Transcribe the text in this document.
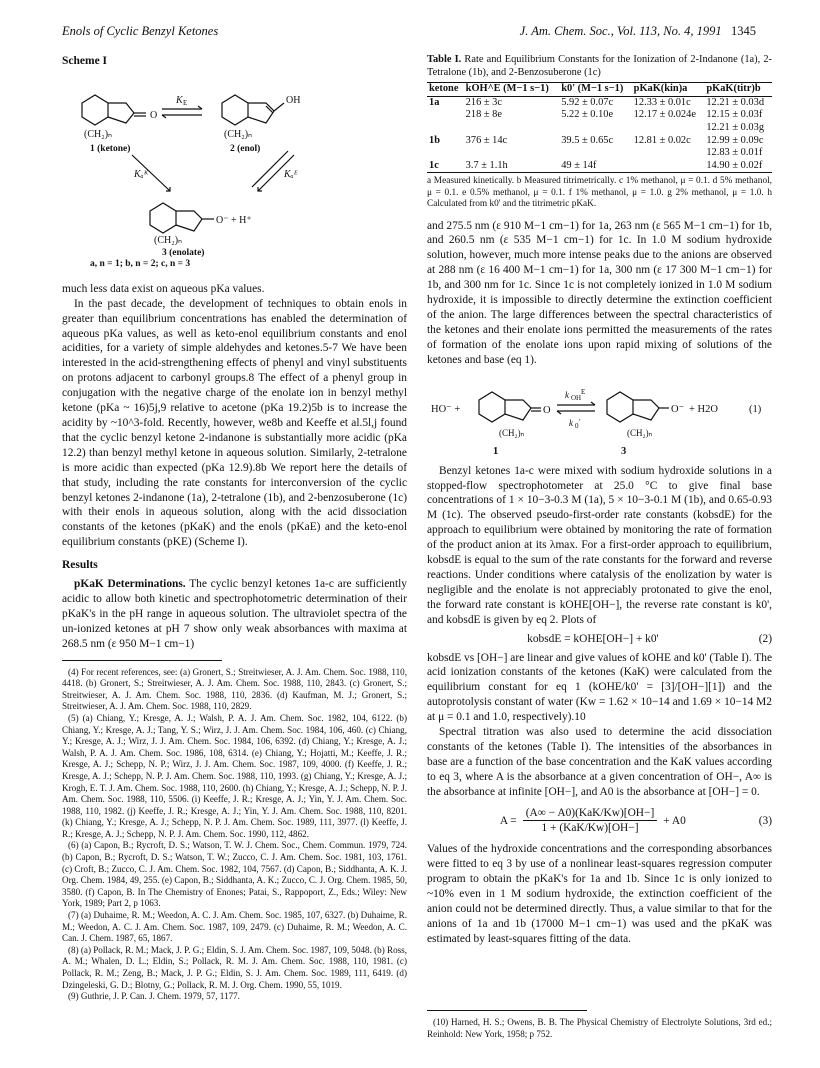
Enols of Cyclic Benzyl Ketones	J. Am. Chem. Soc., Vol. 113, No. 4, 1991 1345
Scheme I
O
OH
O⁻ + H⁺
K E
(CH₂)ₙ	(CH₂)ₙ
(CH₂)ₙ
Kₐᴷ	Kₐᴱ
1 (ketone)	2 (enol)
3 (enolate)
a, n = 1; b, n = 2; c, n = 3

much less data exist on aqueous pKa values.

In the past decade, the development of techniques to obtain enols in greater than equilibrium concentrations has enabled the determination of aqueous pKa values, as well as keto-enol equilibrium constants and enol acidities, for a variety of simple aldehydes and ketones.5-7 We have been interested in the acid-strengthening effects of phenyl and vinyl substituents on protons adjacent to carbonyl groups.8 The effect of a phenyl group in conjugation with the negative charge of the enolate ion in benzyl methyl ketone (pKa ~ 16)5j,9 relative to acetone (pKa 19.2)5b is to increase the acidity by ~10^3-fold. Recently, however, we8b and Keeffe et al.5l,j found that the cyclic benzyl ketone 2-indanone is substantially more acidic (pKa 12.2) than benzyl methyl ketone in aqueous solution. Similarly, 2-tetralone is more acidic than expected (pKa 12.9).8b We report here the details of that study, including the rate constants for interconversion of the cyclic benzyl ketones 2-indanone (1a), 2-tetralone (1b), and 2-benzosuberone (1c) with their enols in aqueous solution, along with the acid dissociation constants of the ketones (pKaK) and the enols (pKaE) and the keto-enol equilibrium constants (pKE) (Scheme I).

Results

pKaK Determinations. The cyclic benzyl ketones 1a-c are sufficiently acidic to allow both kinetic and spectrophotometric determination of their pKaK's in the pH range in aqueous solution. The ultraviolet spectra of the un-ionized ketones at pH 7 show only weak absorbances with maxima at 268.5 nm (ε 950 M−1 cm−1)

(4) For recent references, see: (a) Gronert, S.; Streitwieser, A. J. Am. Chem. Soc. 1988, 110, 4418. (b) Gronert, S.; Streitwieser, A. J. Am. Chem. Soc. 1988, 110, 2843. (c) Gronert, S.; Streitwieser, A. J. Am. Chem. Soc. 1988, 110, 2836. (d) Kaufman, M. J.; Gronert, S.; Streitwieser, A. J. Am. Chem. Soc. 1988, 110, 2829.

(5) (a) Chiang, Y.; Kresge, A. J.; Walsh, P. A. J. Am. Chem. Soc. 1982, 104, 6122. (b) Chiang, Y.; Kresge, A. J.; Tang, Y. S.; Wirz, J. J. Am. Chem. Soc. 1984, 106, 460. (c) Chiang, Y.; Kresge, A. J.; Wirz, J. J. Am. Chem. Soc. 1984, 106, 6392. (d) Chiang, Y.; Kresge, A. J.; Walsh, P. A. J. Am. Chem. Soc. 1986, 108, 6314. (e) Chiang, Y.; Hojatti, M.; Keeffe, J. R.; Kresge, A. J.; Schepp, N. P.; Wirz, J. J. Am. Chem. Soc. 1987, 109, 4000. (f) Keeffe, J. R.; Kresge, A. J.; Schepp, N. P. J. Am. Chem. Soc. 1988, 110, 1993. (g) Chiang, Y.; Kresge, A. J.; Krogh, E. T. J. Am. Chem. Soc. 1988, 110, 2600. (h) Chiang, Y.; Kresge, A. J.; Schepp, N. P. J. Am. Chem. Soc. 1988, 110, 5506. (i) Keeffe, J. R.; Kresge, A. J.; Yin, Y. J. Am. Chem. Soc. 1988, 110, 1982. (j) Keeffe, J. R.; Kresge, A. J.; Yin, Y. J. Am. Chem. Soc. 1988, 110, 8201. (k) Chiang, Y.; Kresge, A. J.; Schepp, N. P. J. Am. Chem. Soc. 1989, 111, 3977. (l) Keeffe, J. R.; Kresge, A. J.; Schepp, N. P. J. Am. Chem. Soc. 1990, 112, 4862.

(6) (a) Capon, B.; Rycroft, D. S.; Watson, T. W. J. Chem. Soc., Chem. Commun. 1979, 724. (b) Capon, B.; Rycroft, D. S.; Watson, T. W.; Zucco, C. J. Am. Chem. Soc. 1981, 103, 1761. (c) Croft, B.; Zucco, C. J. Am. Chem. Soc. 1982, 104, 7567. (d) Capon, B.; Siddhanta, A. K. J. Org. Chem. 1984, 49, 255. (e) Capon, B.; Siddhanta, A. K.; Zucco, C. J. Org. Chem. 1985, 50, 3580. (f) Capon, B. In The Chemistry of Enones; Patai, S., Rappoport, Z., Eds.; Wiley: New York, 1989; Part 2, p 1063.

(7) (a) Duhaime, R. M.; Weedon, A. C. J. Am. Chem. Soc. 1985, 107, 6327. (b) Duhaime, R. M.; Weedon, A. C. J. Am. Chem. Soc. 1987, 109, 2479. (c) Duhaime, R. M.; Weedon, A. C. Can. J. Chem. 1987, 65, 1867.

(8) (a) Pollack, R. M.; Mack, J. P. G.; Eldin, S. J. Am. Chem. Soc. 1987, 109, 5048. (b) Ross, A. M.; Whalen, D. L.; Eldin, S.; Pollack, R. M. J. Am. Chem. Soc. 1988, 110, 1981. (c) Pollack, R. M.; Zeng, B.; Mack, J. P. G.; Eldin, S. J. Am. Chem. Soc. 1989, 111, 6419. (d) Dzingeleski, G. D.; Blotny, G.; Pollack, R. M. J. Org. Chem. 1990, 55, 1019.

(9) Guthrie, J. P. Can. J. Chem. 1979, 57, 1177.

Table I. Rate and Equilibrium Constants for the Ionization of 2-Indanone (1a), 2-Tetralone (1b), and 2-Benzosuberone (1c)
ketone	kOH^E (M−1 s−1)	k0' (M−1 s−1)	pKaK(kin)a	pKaK(titr)b
1a	216 ± 3c	5.92 ± 0.07c	12.33 ± 0.01c	12.21 ± 0.03d
	218 ± 8e	5.22 ± 0.10e	12.17 ± 0.024e	12.15 ± 0.03f
				12.21 ± 0.03g
1b	376 ± 14c	39.5 ± 0.65c	12.81 ± 0.02c	12.99 ± 0.09c
				12.83 ± 0.01f
1c	3.7 ± 1.1h	49 ± 14f		14.90 ± 0.02f
a Measured kinetically. b Measured titrimetrically. c 1% methanol, μ = 0.1. d 5% methanol, μ = 0.1. e 0.5% methanol, μ = 0.1. f 1% methanol, μ = 1.0. g 2% methanol, μ = 1.0. h Calculated from k0' and the titrimetric pKaK.

and 275.5 nm (ε 910 M−1 cm−1) for 1a, 263 nm (ε 565 M−1 cm−1) for 1b, and 260.5 nm (ε 535 M−1 cm−1) for 1c. In 1.0 M sodium hydroxide solution, however, much more intense peaks due to the anions are observed at 288 nm (ε 16 400 M−1 cm−1) for 1a, 300 nm (ε 17 300 M−1 cm−1) for 1b, and 300 nm for 1c. Since 1c is not completely ionized in 1.0 M sodium hydroxide, it is impossible to directly determine the extinction coefficient of the anion. The large differences between the spectral characteristics of the ketones and their enolate ions permitted the measurements of the rates of formation of the enolate ions upon rapid mixing of solutions of the ketones and base (eq 1).

HO⁻ +	O	O⁻ + H2O	(1)
k OH
E
k 0 '
(CH₂)ₙ	(CH₂)ₙ
1	3

Benzyl ketones 1a-c were mixed with sodium hydroxide solutions in a stopped-flow spectrophotometer at 25.0 °C to give final base concentrations of 1 × 10−3-0.3 M (1a), 5 × 10−3-0.1 M (1b), and 0.65-0.93 M (1c). The observed pseudo-first-order rate constants (kobsdE) for the approach to equilibrium were obtained by monitoring the rate of formation of the product anion at its λmax. For a first-order approach to equilibrium, kobsdE is equal to the sum of the rate constants for the forward and reverse reactions. Under conditions where catalysis of the enolization by water is negligible and the enolate is not appreciably protonated to give the enol, the forward rate constant is kOHE[OH−], the reverse rate constant is k0', and kobsdE is given by eq 2. Plots of

kobsdE = kOHE[OH−] + k0'	(2)

kobsdE vs [OH−] are linear and give values of kOHE and k0' (Table I). The acid ionization constants of the ketones (KaK) were calculated from the equilibrium constant for eq 1 (kOHE/k0' = [3]/[OH−][1]) and the autoprotolysis constant of water (Kw = 1.62 × 10−14 and 1.69 × 10−14 M2 at μ = 0.1 and 1.0, respectively).10

Spectral titration was also used to determine the acid dissociation constants of the ketones (Table I). The intensities of the absorbances in base are a function of the base concentration and the KaK values according to eq 3, where A is the absorbance at a given concentration of OH−, A∞ is the absorbance at infinite [OH−], and A0 is the absorbance at [OH−] = 0.

$A = \frac{\text{(A∞ − A0)(KaK/Kw)[OH−]}}{\text{1 + (KaK/Kw)[OH−]}} + A0$	(3)

Values of the hydroxide concentrations and the corresponding absorbances were fitted to eq 3 by use of a nonlinear least-squares regression computer program to obtain the pKaK's for 1a and 1b. Since 1c is only ionized to ~10% even in 1 M sodium hydroxide, the extinction coefficient of the anion could not be determined directly. Thus, a value similar to that for the anions of 1a and 1b (17000 M−1 cm−1) was used and the pKaK was estimated by least-squares fitting of the data.

(10) Harned, H. S.; Owens, B. B. The Physical Chemistry of Electrolyte Solutions, 3rd ed.; Reinhold: New York, 1958; p 752.
